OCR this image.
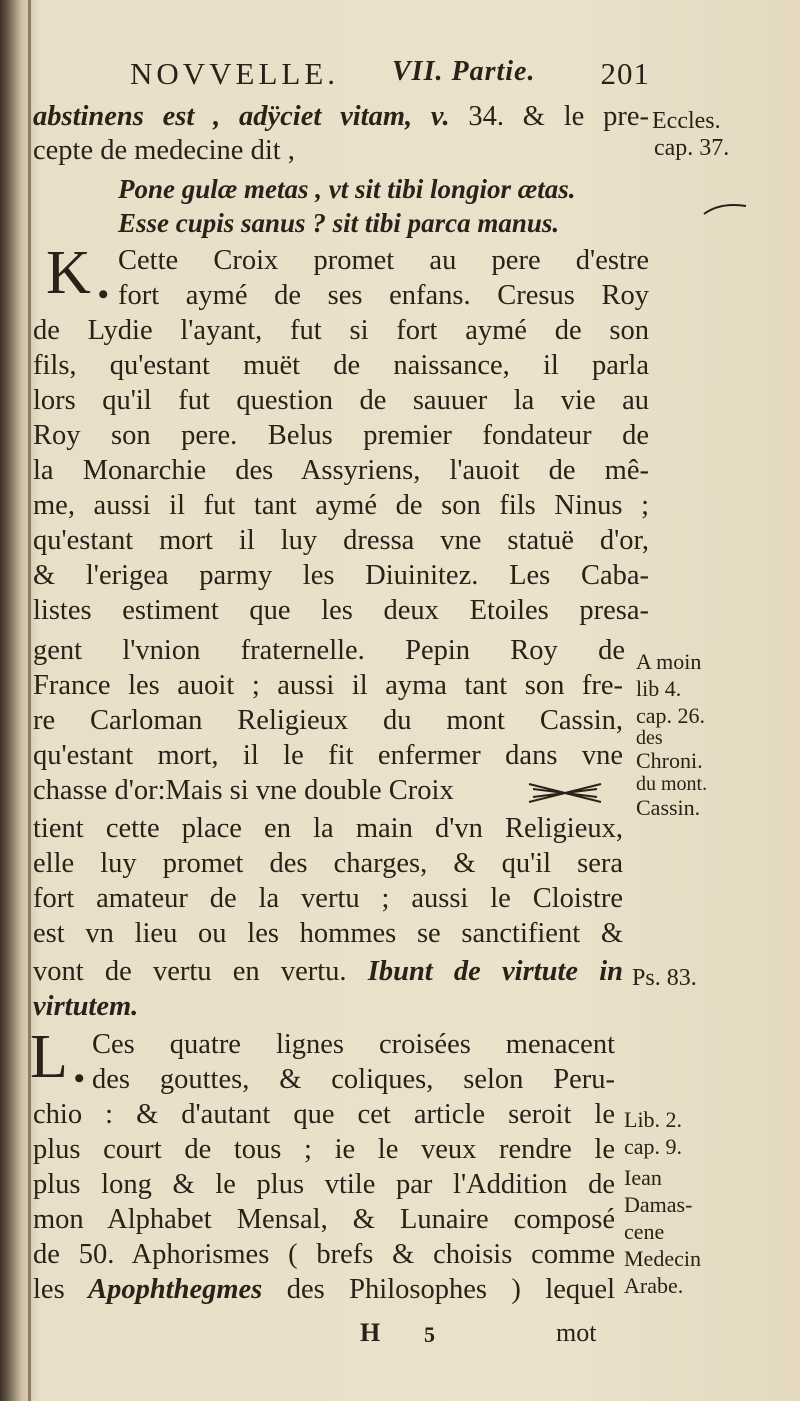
NOVVELLE. VII. Partie. 201
abstinens est , adÿciet vitam, v. 34. & le pre-
cepte de medecine dit ,
Pone gulæ metas , vt sit tibi longior ætas.
Esse cupis sanus ? sit tibi parca manus.
K •
Cette Croix promet au pere d'estre
fort aymé de ses enfans. Cresus Roy
de Lydie l'ayant, fut si fort aymé de son
fils, qu'estant muët de naissance, il parla
lors qu'il fut question de sauuer la vie au
Roy son pere. Belus premier fondateur de
la Monarchie des Assyriens, l'auoit de mê-
me, aussi il fut tant aymé de son fils Ninus ;
qu'estant mort il luy dressa vne statuë d'or,
& l'erigea parmy les Diuinitez. Les Caba-
listes estiment que les deux Etoiles presa-
gent l'vnion fraternelle. Pepin Roy de
France les auoit ; aussi il ayma tant son fre-
re Carloman Religieux du mont Cassin,
qu'estant mort, il le fit enfermer dans vne
chasse d'or:Mais si vne double Croix
tient cette place en la main d'vn Religieux,
elle luy promet des charges, & qu'il sera
fort amateur de la vertu ; aussi le Cloistre
est vn lieu ou les hommes se sanctifient &
vont de vertu en vertu. Ibunt de virtute in
virtutem.
L •
Ces quatre lignes croisées menacent
des gouttes, & coliques, selon Peru-
chio : & d'autant que cet article seroit le
plus court de tous ; ie le veux rendre le
plus long & le plus vtile par l'Addition de
mon Alphabet Mensal, & Lunaire composé
de 50. Aphorismes ( brefs & choisis comme
les Apophthegmes des Philosophes ) lequel
Eccles.
cap. 37.
A moin
lib 4.
cap. 26.
des
Chroni.
du mont.
Cassin.
Ps. 83.
Lib. 2.
cap. 9.
Iean
Damas-
cene
Medecin
Arabe.
H 5	mot
